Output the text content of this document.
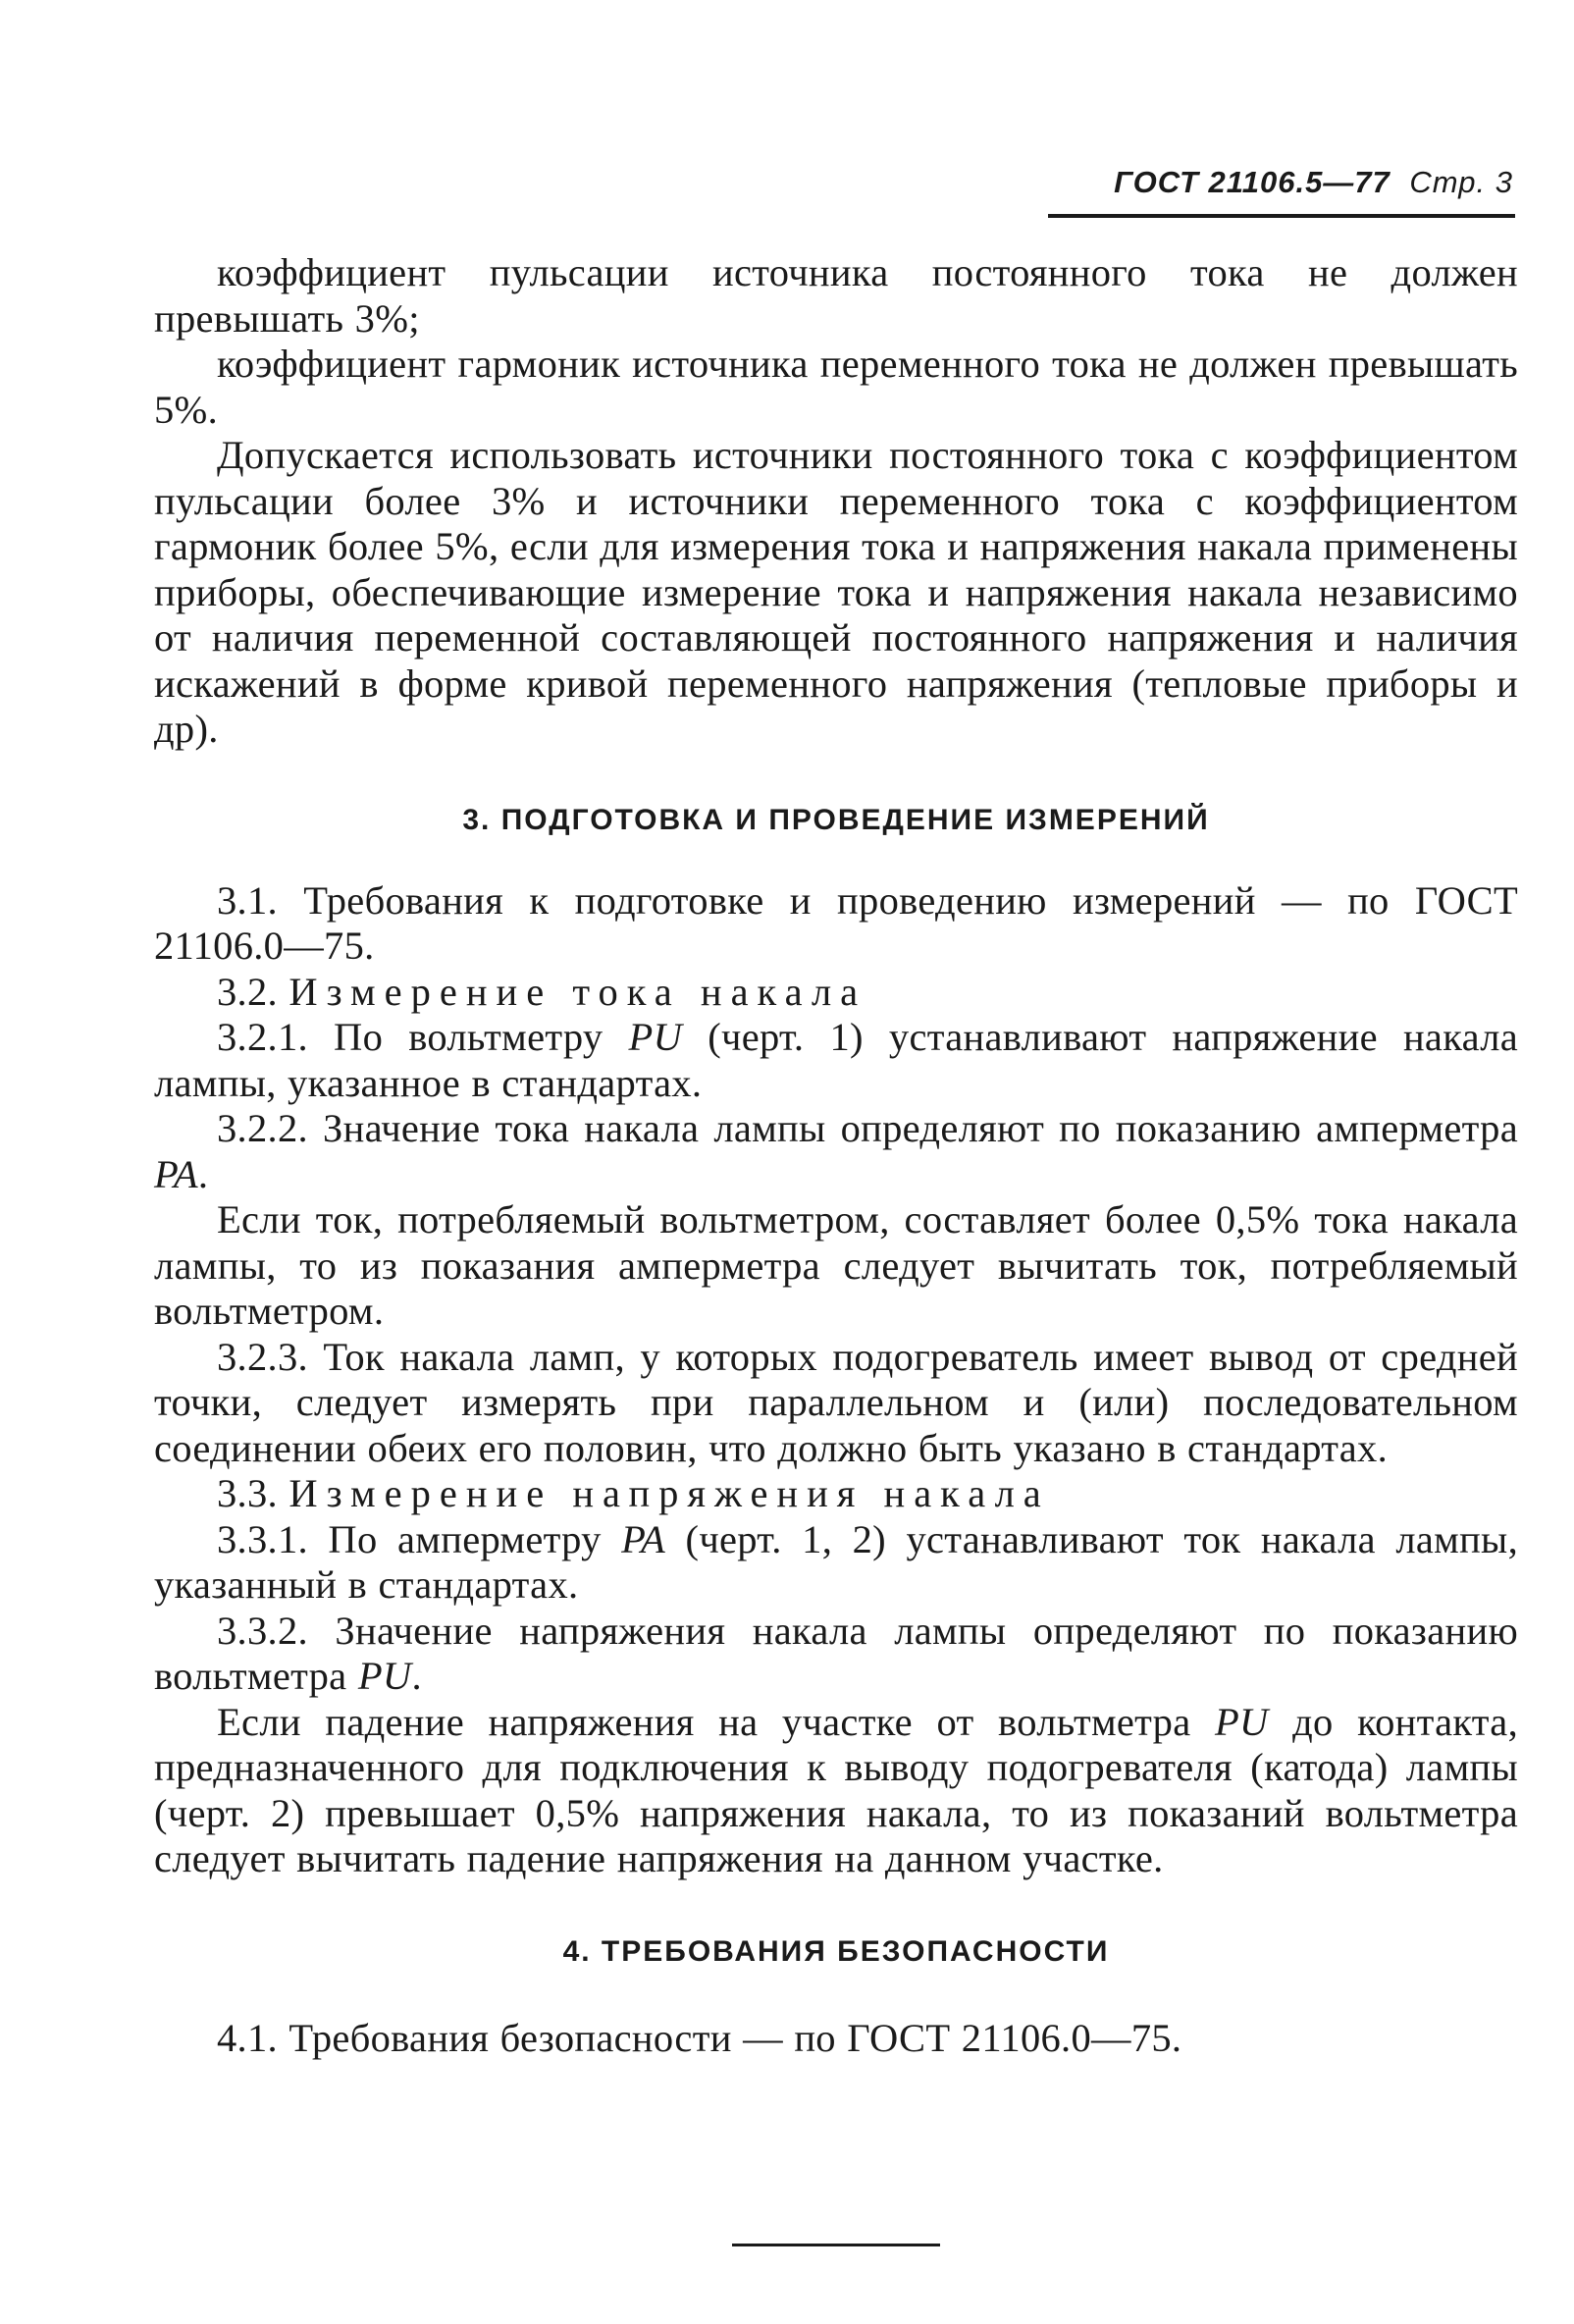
ГОСТ 21106.5—77 Стр. 3

коэффициент пульсации источника постоянного тока не должен превышать 3%;

коэффициент гармоник источника переменного тока не должен превышать 5%.

Допускается использовать источники постоянного тока с коэффициентом пульсации более 3% и источники переменного тока с коэффициентом гармоник более 5%, если для измерения тока и напряжения накала применены приборы, обеспечивающие измерение тока и напряжения накала независимо от наличия переменной составляющей постоянного напряжения и наличия искажений в форме кривой переменного напряжения (тепловые приборы и др).

3. ПОДГОТОВКА И ПРОВЕДЕНИЕ ИЗМЕРЕНИЙ

3.1. Требования к подготовке и проведению измерений — по ГОСТ 21106.0—75.

3.2. Измерение тока накала

3.2.1. По вольтметру PU (черт. 1) устанавливают напряжение накала лампы, указанное в стандартах.

3.2.2. Значение тока накала лампы определяют по показанию амперметра PA.

Если ток, потребляемый вольтметром, составляет более 0,5% тока накала лампы, то из показания амперметра следует вычитать ток, потребляемый вольтметром.

3.2.3. Ток накала ламп, у которых подогреватель имеет вывод от средней точки, следует измерять при параллельном и (или) последовательном соединении обеих его половин, что должно быть указано в стандартах.

3.3. Измерение напряжения накала

3.3.1. По амперметру PA (черт. 1, 2) устанавливают ток накала лампы, указанный в стандартах.

3.3.2. Значение напряжения накала лампы определяют по показанию вольтметра PU.

Если падение напряжения на участке от вольтметра PU до контакта, предназначенного для подключения к выводу подогревателя (катода) лампы (черт. 2) превышает 0,5% напряжения накала, то из показаний вольтметра следует вычитать падение напряжения на данном участке.

4. ТРЕБОВАНИЯ БЕЗОПАСНОСТИ

4.1. Требования безопасности — по ГОСТ 21106.0—75.
